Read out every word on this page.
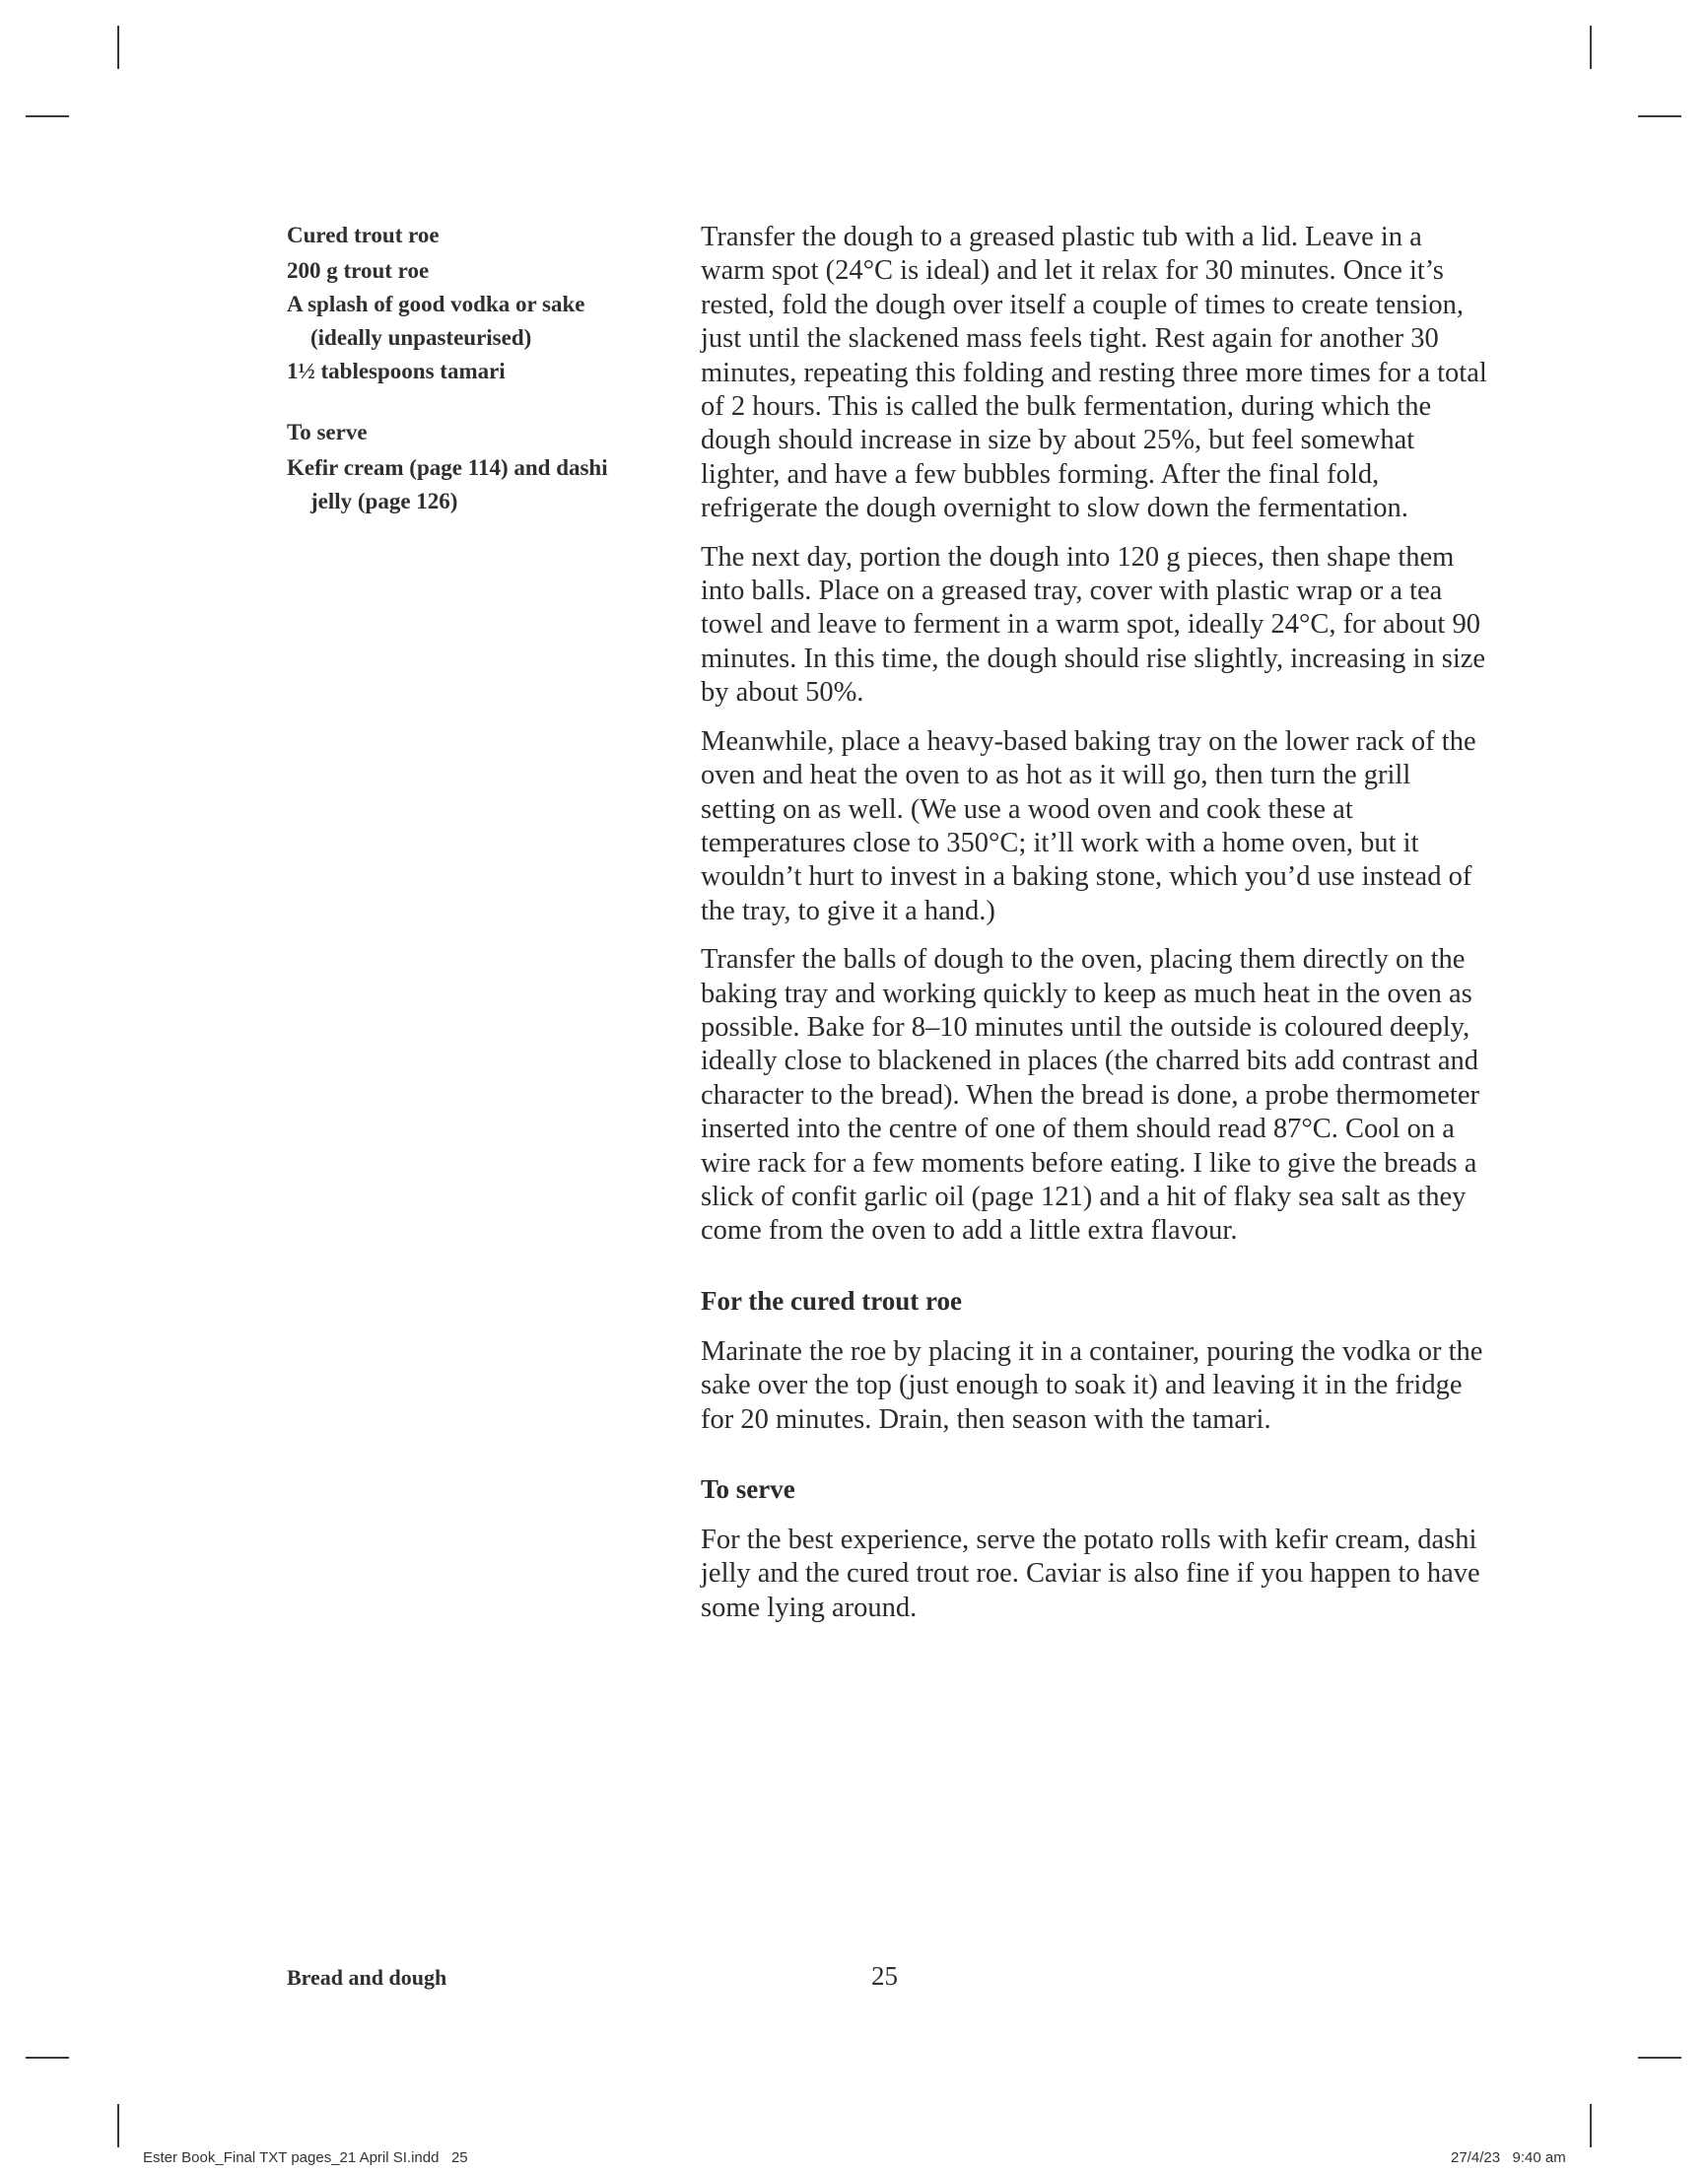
Cured trout roe
200 g trout roe
A splash of good vodka or sake (ideally unpasteurised)
1½ tablespoons tamari
To serve
Kefir cream (page 114) and dashi jelly (page 126)

Transfer the dough to a greased plastic tub with a lid. Leave in a warm spot (24°C is ideal) and let it relax for 30 minutes. Once it’s rested, fold the dough over itself a couple of times to create tension, just until the slackened mass feels tight. Rest again for another 30 minutes, repeating this folding and resting three more times for a total of 2 hours. This is called the bulk fermentation, during which the dough should increase in size by about 25%, but feel somewhat lighter, and have a few bubbles forming. After the final fold, refrigerate the dough overnight to slow down the fermentation.

The next day, portion the dough into 120 g pieces, then shape them into balls. Place on a greased tray, cover with plastic wrap or a tea towel and leave to ferment in a warm spot, ideally 24°C, for about 90 minutes. In this time, the dough should rise slightly, increasing in size by about 50%.

Meanwhile, place a heavy-based baking tray on the lower rack of the oven and heat the oven to as hot as it will go, then turn the grill setting on as well. (We use a wood oven and cook these at temperatures close to 350°C; it’ll work with a home oven, but it wouldn’t hurt to invest in a baking stone, which you’d use instead of the tray, to give it a hand.)

Transfer the balls of dough to the oven, placing them directly on the baking tray and working quickly to keep as much heat in the oven as possible. Bake for 8–10 minutes until the outside is coloured deeply, ideally close to blackened in places (the charred bits add contrast and character to the bread). When the bread is done, a probe thermometer inserted into the centre of one of them should read 87°C. Cool on a wire rack for a few moments before eating. I like to give the breads a slick of confit garlic oil (page 121) and a hit of flaky sea salt as they come from the oven to add a little extra flavour.

For the cured trout roe

Marinate the roe by placing it in a container, pouring the vodka or the sake over the top (just enough to soak it) and leaving it in the fridge for 20 minutes. Drain, then season with the tamari.

To serve

For the best experience, serve the potato rolls with kefir cream, dashi jelly and the cured trout roe. Caviar is also fine if you happen to have some lying around.

Bread and dough	25
Ester Book_Final TXT pages_21 April SI.indd   25	27/4/23   9:40 am
